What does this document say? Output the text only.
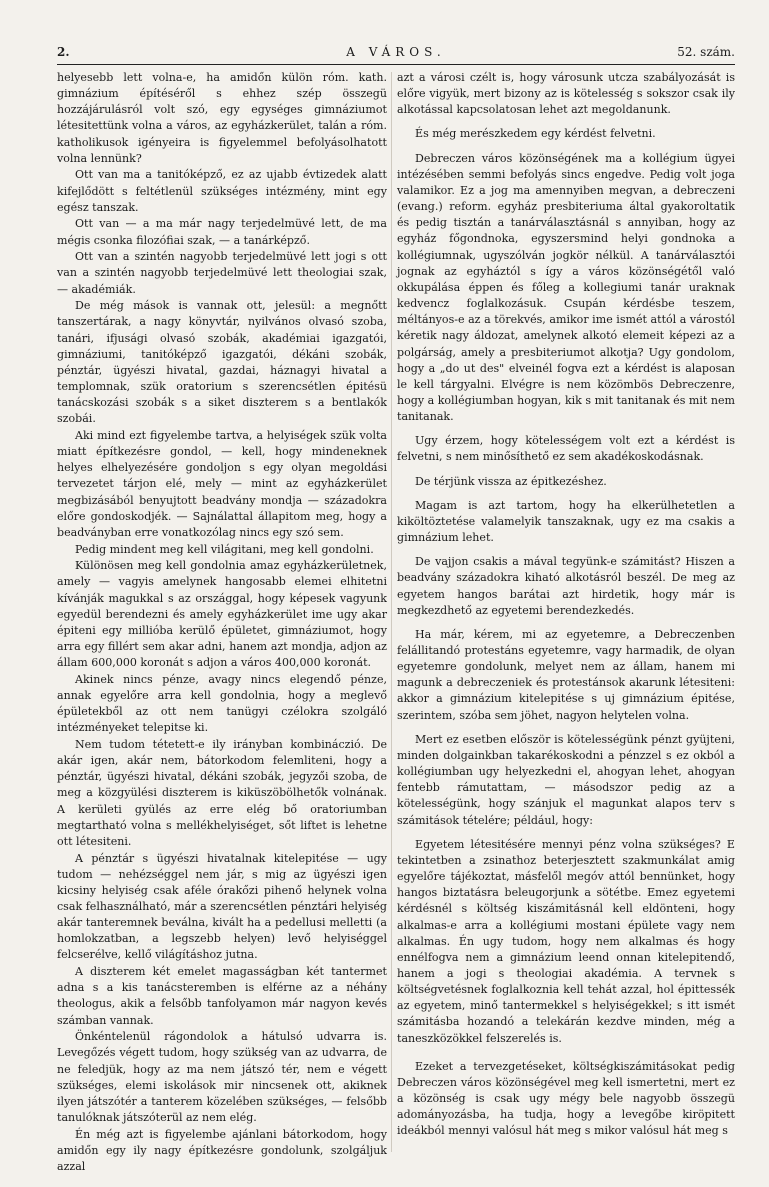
2.	A VÁROS.	52. szám.

helyesebb lett volna-e, ha amidőn külön róm. kath. gimnázium építéséről s ehhez szép összegü hozzájárulásról volt szó, egy egységes gimnáziumot létesitettünk volna a város, az egyházkerület, talán a róm. katholikusok igényeira is figyelemmel befolyásolhatott volna lennünk?

Ott van ma a tanitóképző, ez az ujabb évtizedek alatt kifejlődött s feltétlenül szükséges intézmény, mint egy egész tanszak.

Ott van — a ma már nagy terjedelmüvé lett, de ma mégis csonka filozófiai szak, — a tanárképző.

Ott van a szintén nagyobb terjedelmüvé lett jogi s ott van a szintén nagyobb terjedelmüvé lett theologiai szak, — akadémiák.

De még mások is vannak ott, jelesül: a megnőtt tanszertárak, a nagy könyvtár, nyilvános olvasó szoba, tanári, ifjusági olvasó szobák, akadémiai igazgatói, gimnáziumi, tanitóképző igazgatói, dékáni szobák, pénztár, ügyészi hivatal, gazdai, háznagyi hivatal a templomnak, szük oratorium s szerencsétlen épitésü tanácskozási szobák s a siket diszterem s a bentlakók szobái.

Aki mind ezt figyelembe tartva, a helyiségek szük volta miatt építkezésre gondol, — kell, hogy mindeneknek helyes elhelyezésére gondoljon s egy olyan megoldási tervezetet tárjon elé, mely — mint az egyházkerület megbizásából benyujtott beadvány mondja — századokra előre gondoskodjék. — Sajnálattal állapitom meg, hogy a beadványban erre vonatkozólag nincs egy szó sem.

Pedig mindent meg kell világitani, meg kell gondolni.

Különösen meg kell gondolnia amaz egyházkerületnek, amely — vagyis amelynek hangosabb elemei elhitetni kívánják magukkal s az országgal, hogy képesek vagyunk egyedül berendezni és amely egyházkerület ime ugy akar épiteni egy millióba kerülő épületet, gimnáziumot, hogy arra egy fillért sem akar adni, hanem azt mondja, adjon az állam 600,000 koronát s adjon a város 400,000 koronát.

Akinek nincs pénze, avagy nincs elegendő pénze, annak egyelőre arra kell gondolnia, hogy a meglevő épületekből az ott nem tanügyi czélokra szolgáló intézményeket telepitse ki.

Nem tudom tétetett-e ily irányban kombináczió. De akár igen, akár nem, bátorkodom felemliteni, hogy a pénztár, ügyészi hivatal, dékáni szobák, jegyzői szoba, de meg a közgyülési diszterem is kiküszöbölhetők volnának. A kerületi gyülés az erre elég bő oratoriumban megtartható volna s mellékhelyiséget, sőt liftet is lehetne ott létesiteni.

A pénztár s ügyészi hivatalnak kitelepitése — ugy tudom — nehézséggel nem jár, s mig az ügyészi igen kicsiny helyiség csak aféle órakőzi pihenő helynek volna csak felhasználható, már a szerencsétlen pénztári helyiség akár tanteremnek beválna, kivált ha a pedellusi melletti (a homlokzatban, a legszebb helyen) levő helyiséggel felcserélve, kellő világításhoz jutna.

A diszterem két emelet magasságban két tantermet adna s a kis tanácsteremben is elférne az a néhány theologus, akik a felsőbb tanfolyamon már nagyon kevés számban vannak.

Önkéntelenül rágondolok a hátulsó udvarra is. Levegőzés végett tudom, hogy szükség van az udvarra, de ne feledjük, hogy az ma nem játszó tér, nem e végett szükséges, elemi iskolások mir nincsenek ott, akiknek ilyen játszótér a tanterem közelében szükséges, — felsőbb tanulóknak játszóterül az nem elég.

Én még azt is figyelembe ajánlani bátorkodom, hogy amidőn egy ily nagy építkezésre gondolunk, szolgáljuk azzal

azt a városi czélt is, hogy városunk utcza szabályozását is előre vigyük, mert bizony az is kötelesség s sokszor csak ily alkotással kapcsolatosan lehet azt megoldanunk.

És még merészkedem egy kérdést felvetni.

Debreczen város közönségének ma a kollégium ügyei intézésében semmi befolyás sincs engedve. Pedig volt joga valamikor. Ez a jog ma amennyiben megvan, a debreczeni (evang.) reform. egyház presbiteriuma által gyakoroltatik és pedig tisztán a tanárválasztásnál s annyiban, hogy az egyház főgondnoka, egyszersmind helyi gondnoka a kollégiumnak, ugyszólván jogkör nélkül. A tanárválasztói jognak az egyháztól s így a város közönségétől való okkupálása éppen és főleg a kollegiumi tanár uraknak kedvencz foglalkozásuk. Csupán kérdésbe teszem, méltányos-e az a törekvés, amikor ime ismét attól a várostól kéretik nagy áldozat, amelynek alkotó elemeit képezi az a polgárság, amely a presbiteriumot alkotja? Ugy gondolom, hogy a „do ut des" elveinél fogva ezt a kérdést is alaposan le kell tárgyalni. Elvégre is nem közömbös Debreczenre, hogy a kollégiumban hogyan, kik s mit tanitanak és mit nem tanitanak.

Ugy érzem, hogy kötelességem volt ezt a kérdést is felvetni, s nem minősíthető ez sem akadékoskodásnak.

De térjünk vissza az épitkezéshez.

Magam is azt tartom, hogy ha elkerülhetetlen a kiköltöztetése valamelyik tanszaknak, ugy ez ma csakis a gimnázium lehet.

De vajjon csakis a mával tegyünk-e számitást? Hiszen a beadvány századokra kiható alkotásról beszél. De meg az egyetem hangos barátai azt hirdetik, hogy már is megkezdhető az egyetemi berendezkedés.

Ha már, kérem, mi az egyetemre, a Debreczenben felállitandó protestáns egyetemre, vagy harmadik, de olyan egyetemre gondolunk, melyet nem az állam, hanem mi magunk a debreczeniek és protestánsok akarunk létesiteni: akkor a gimnázium kitelepitése s uj gimnázium épitése, szerintem, szóba sem jöhet, nagyon helytelen volna.

Mert ez esetben először is kötelességünk pénzt gyüjteni, minden dolgainkban takarékoskodni a pénzzel s ez okból a kollégiumban ugy helyezkedni el, ahogyan lehet, ahogyan fentebb rámutattam, — másodszor pedig az a kötelességünk, hogy szánjuk el magunkat alapos terv s számitások tételére; például, hogy:

Egyetem létesitésére mennyi pénz volna szükséges? E tekintetben a zsinathoz beterjesztett szakmunkálat amig egyelőre tájékoztat, másfelől megóv attól bennünket, hogy hangos biztatásra beleugorjunk a sötétbe. Emez egyetemi kérdésnél s költség kiszámitásnál kell eldönteni, hogy alkalmas-e arra a kollégiumi mostani épülete vagy nem alkalmas. Én ugy tudom, hogy nem alkalmas és hogy ennélfogva nem a gimnázium leend onnan kitelepitendő, hanem a jogi s theologiai akadémia. A tervnek s költségvetésnek foglalkoznia kell tehát azzal, hol épittessék az egyetem, minő tantermekkel s helyiségekkel; s itt ismét számitásba hozandó a telekárán kezdve minden, még a taneszközökkel felszerelés is.

Ezeket a tervezgetéseket, költségkiszámitásokat pedig Debreczen város közönségével meg kell ismertetni, mert ez a közönség is csak ugy mégy bele nagyobb összegü adományozásba, ha tudja, hogy a levegőbe kiröpitett ideákból mennyi valósul hát meg s mikor valósul hát meg s
